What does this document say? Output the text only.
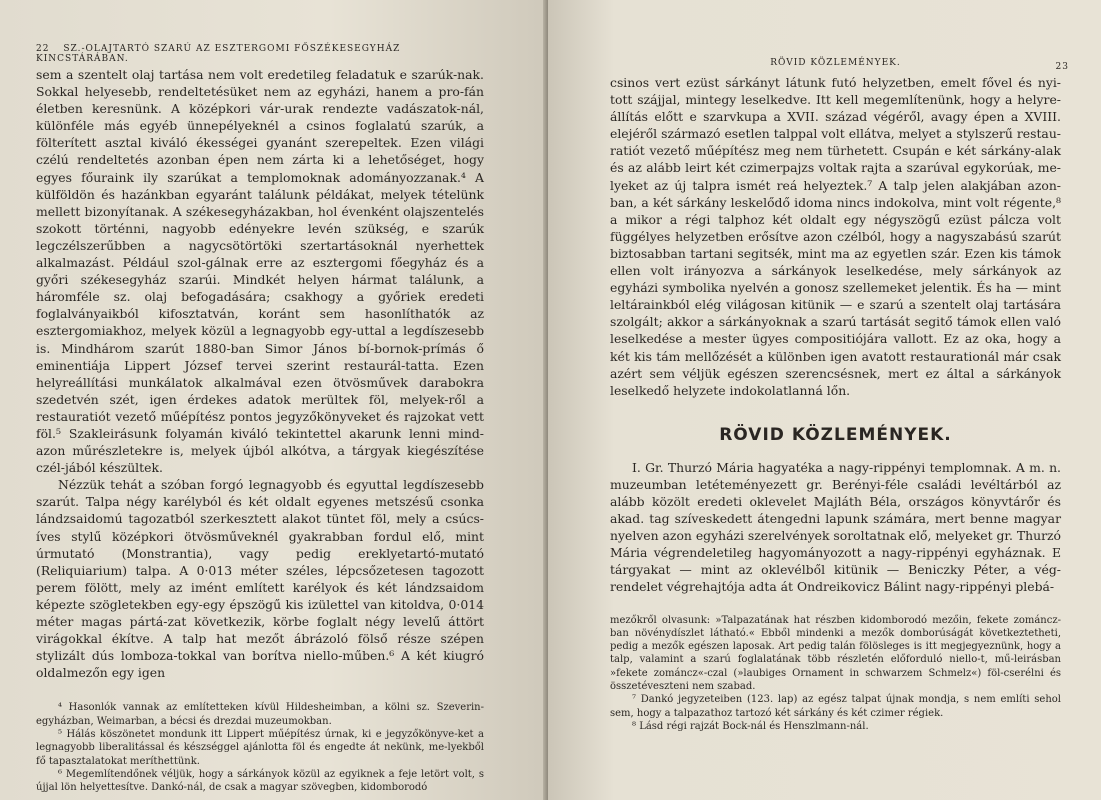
22 SZ.-OLAJTARTÓ SZARÚ AZ ESZTERGOMI FŐSZÉKESEGYHÁZ KINCSTÁRÁBAN.

sem a szentelt olaj tartása nem volt eredetileg feladatuk e szarúk-nak. Sokkal helyesebb, rendeltetésüket nem az egyházi, hanem a pro-fán életben keresnünk. A középkori vár-urak rendezte vadászatok-nál, különféle más egyéb ünnepélyeknél a csinos foglalatú szarúk, a fölterített asztal kiváló ékességei gyanánt szerepeltek. Ezen világi czélú rendeltetés azonban épen nem zárta ki a lehetőséget, hogy egyes főuraink ily szarúkat a templomoknak adományozzanak.⁴ A külföldön és hazánkban egyaránt találunk példákat, melyek tételünk mellett bizonyítanak. A székesegyházakban, hol évenként olajszentelés szokott történni, nagyobb edényekre levén szükség, e szarúk legczélszerűbben a nagycsötörtöki szertartásoknál nyerhettek alkalmazást. Például szol-gálnak erre az esztergomi főegyház és a győri székesegyház szarúi. Mindkét helyen hármat találunk, a háromféle sz. olaj befogadására; csakhogy a győriek eredeti foglalványaikból kifosztatván, koránt sem hasonlíthatók az esztergomiakhoz, melyek közül a legnagyobb egy-uttal a legdíszesebb is. Mindhárom szarút 1880-ban Simor János bí-bornok-prímás ő eminentiája Lippert József tervei szerint restaurál-tatta. Ezen helyreállítási munkálatok alkalmával ezen ötvösművek darabokra szedetvén szét, igen érdekes adatok merültek föl, melyek-ről a restauratiót vezető műépítész pontos jegyzőkönyveket és rajzokat vett föl.⁵ Szakleirásunk folyamán kiváló tekintettel akarunk lenni mind-azon műrészletekre is, melyek újból alkótva, a tárgyak kiegészítése czél-jából készültek.

Nézzük tehát a szóban forgó legnagyobb és egyuttal legdíszesebb szarút. Talpa négy karélyból és két oldalt egyenes metszésű csonka lándzsaidomú tagozatból szerkesztett alakot tüntet föl, mely a csúcs-íves stylű középkori ötvösműveknél gyakrabban fordul elő, mint úrmutató (Monstrantia), vagy pedig ereklyetartó-mutató (Reliquiarium) talpa. A 0·013 méter széles, lépcsőzetesen tagozott perem fölött, mely az imént említett karélyok és két lándzsaidom képezte szögletekben egy-egy épszögű kis izülettel van kitoldva, 0·014 méter magas pártá-zat következik, körbe foglalt négy levelű áttört virágokkal ékítve. A talp hat mezőt ábrázoló fölső része szépen stylizált dús lomboza-tokkal van borítva niello-műben.⁶ A két kiugró oldalmezőn egy igen

⁴ Hasonlók vannak az említetteken kívül Hildesheimban, a kölni sz. Szeverin-egyházban, Weimarban, a bécsi és drezdai muzeumokban.

⁵ Hálás köszönetet mondunk itt Lippert műépítész úrnak, ki e jegyzőkönyve-ket a legnagyobb liberalitással és készséggel ajánlotta föl és engedte át nekünk, me-lyekből fő tapasztalatokat meríthettünk.

⁶ Megemlítendőnek véljük, hogy a sárkányok közül az egyiknek a feje letört volt, s újjal lön helyettesítve. Dankó-nál, de csak a magyar szövegben, kidomborodó

RÖVID KÖZLEMÉNYEK.	23

csinos vert ezüst sárkányt látunk futó helyzetben, emelt fővel és nyi-tott szájjal, mintegy leselkedve. Itt kell megemlítenünk, hogy a helyre-állítás előtt e szarvkupa a XVII. század végéről, avagy épen a XVIII. elejéről származó esetlen talppal volt ellátva, melyet a stylszerű restau-ratiót vezető műépítész meg nem türhetett. Csupán e két sárkány-alak és az alább leirt két czimerpajzs voltak rajta a szarúval egykorúak, me-lyeket az új talpra ismét reá helyeztek.⁷ A talp jelen alakjában azon-ban, a két sárkány leskelődő idoma nincs indokolva, mint volt régente,⁸ a mikor a régi talphoz két oldalt egy négyszögű ezüst pálcza volt függélyes helyzetben erősítve azon czélból, hogy a nagyszabású szarút biztosabban tartani segitsék, mint ma az egyetlen szár. Ezen kis támok ellen volt irányozva a sárkányok leselkedése, mely sárkányok az egyházi symbolika nyelvén a gonosz szellemeket jelentik. És ha — mint leltárainkból elég világosan kitünik — e szarú a szentelt olaj tartására szolgált; akkor a sárkányoknak a szarú tartását segitő támok ellen való leselkedése a mester ügyes compositiójára vallott. Ez az oka, hogy a két kis tám mellőzését a különben igen avatott restaurationál már csak azért sem véljük egészen szerencsésnek, mert ez által a sárkányok leselkedő helyzete indokolatlanná lőn.

RÖVID KÖZLEMÉNYEK.

I. Gr. Thurzó Mária hagyatéka a nagy-rippényi templomnak. A m. n. muzeumban letéteményezett gr. Berényi-féle családi levéltárból az alább közölt eredeti oklevelet Majláth Béla, országos könyvtárőr és akad. tag szíveskedett átengedni lapunk számára, mert benne magyar nyelven azon egyházi szerelvények soroltatnak elő, melyeket gr. Thurzó Mária végrendeletileg hagyományozott a nagy-rippényi egyháznak. E tárgyakat — mint az oklevélből kitünik — Beniczky Péter, a vég-rendelet végrehajtója adta át Ondreikovicz Bálint nagy-rippényi plebá-

mezőkről olvasunk: »Talpazatának hat részben kidomborodó mezőin, fekete zománcz-ban növénydíszlet látható.« Ebből mindenki a mezők domborúságát következtetheti, pedig a mezők egészen laposak. Art pedig talán fölösleges is itt megjegyeznünk, hogy a talp, valamint a szarú foglalatának több részletén előforduló niello-t, mű-leirásban »fekete zománcz«-czal (»laubiges Ornament in schwarzem Schmelz«) föl-cserélni és összetéveszteni nem szabad.

⁷ Dankó jegyzeteiben (123. lap) az egész talpat újnak mondja, s nem említi sehol sem, hogy a talpazathoz tartozó két sárkány és két czimer régiek.

⁸ Lásd régi rajzát Bock-nál és Henszlmann-nál.
